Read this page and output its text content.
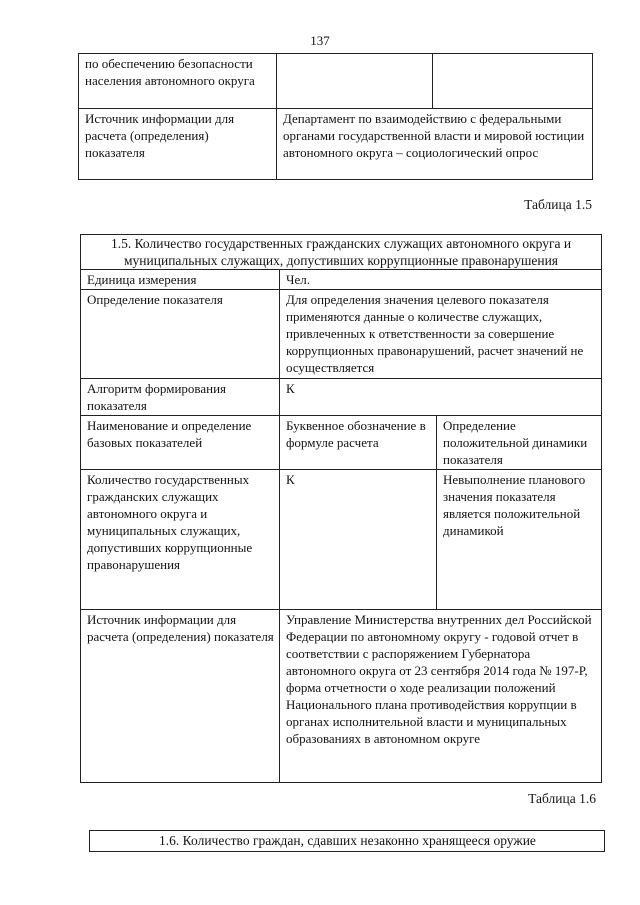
137
по обеспечению безопасности населения автономного округа		

Источник информации для расчета (определения) показателя	Департамент по взаимодействию с федеральными органами государственной власти и мировой юстиции автономного округа – социологический опрос	
Таблица 1.5
1.5. Количество государственных гражданских служащих автономного округа и муниципальных служащих, допустивших коррупционные правонарушения		

Единица измерения	Чел.	

Определение показателя	Для определения значения целевого показателя применяются данные о количестве служащих, привлеченных к ответственности за совершение коррупционных правонарушений, расчет значений не осуществляется	

Алгоритм формирования показателя	К	

Наименование и определение базовых показателей	Буквенное обозначение в формуле расчета	Определение положительной динамики показателя

Количество государственных гражданских служащих автономного округа и муниципальных служащих, допустивших коррупционные правонарушения	К	Невыполнение планового значения показателя является положительной динамикой

Источник информации для расчета (определения) показателя	Управление Министерства внутренних дел Российской Федерации по автономному округу - годовой отчет в соответствии с распоряжением Губернатора автономного округа от 23 сентября 2014 года № 197-Р, форма отчетности о ходе реализации положений Национального плана противодействия коррупции в органах исполнительной власти и муниципальных образованиях в автономном округе	
Таблица 1.6
1.6. Количество граждан, сдавших незаконно хранящееся оружие
